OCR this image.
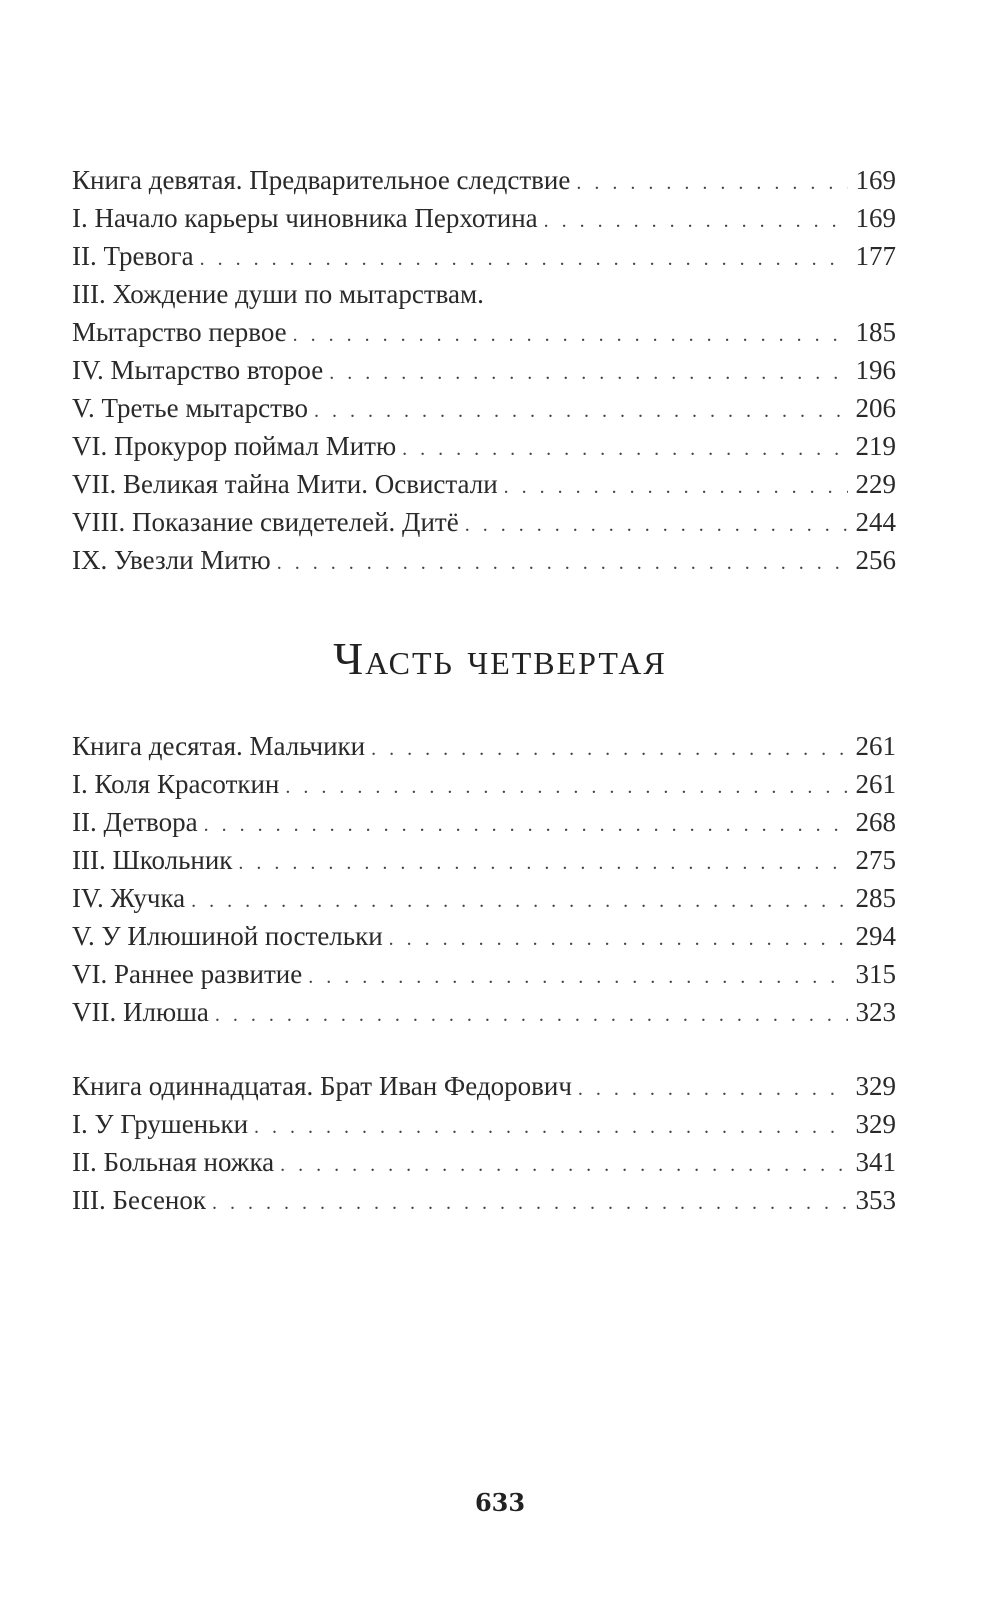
Книга девятая. Предварительное следствие . . .	169
I. Начало карьеры чиновника Перхотина . . .	169
II. Тревога . . .	177
III. Хождение души по мытарствам.
Мытарство первое . . .	185
IV. Мытарство второе . . .	196
V. Третье мытарство . . .	206
VI. Прокурор поймал Митю . . .	219
VII. Великая тайна Мити. Освистали . . .	229
VIII. Показание свидетелей. Дитё . . .	244
IX. Увезли Митю . . .	256
Часть четвертая
Книга десятая. Мальчики . . .	261
I. Коля Красоткин . . .	261
II. Детвора . . .	268
III. Школьник . . .	275
IV. Жучка . . .	285
V. У Илюшиной постельки . . .	294
VI. Раннее развитие . . .	315
VII. Илюша . . .	323
Книга одиннадцатая. Брат Иван Федорович . . .	329
I. У Грушеньки . . .	329
II. Больная ножка . . .	341
III. Бесенок . . .	353
633
